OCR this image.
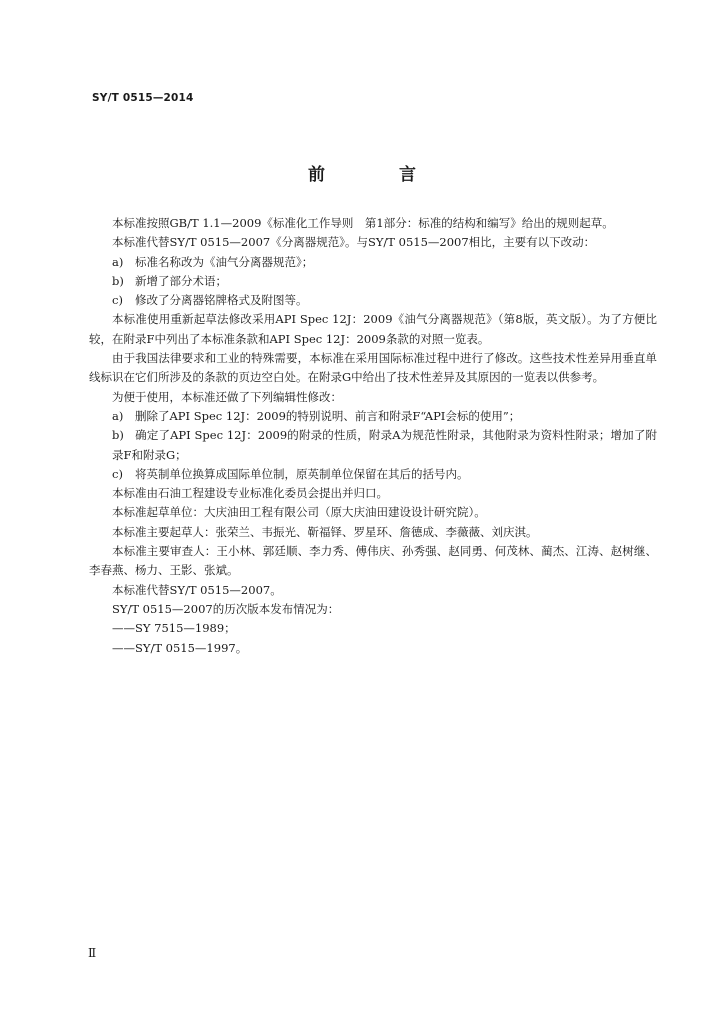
SY/T 0515—2014
前 言

本标准按照GB/T 1.1—2009《标准化工作导则　第1部分：标准的结构和编写》给出的规则起草。

本标准代替SY/T 0515—2007《分离器规范》。与SY/T 0515—2007相比，主要有以下改动：

a) 标准名称改为《油气分离器规范》；

b) 新增了部分术语；

c) 修改了分离器铭牌格式及附图等。

本标准使用重新起草法修改采用API Spec 12J：2009《油气分离器规范》（第8版，英文版）。为了方便比较，在附录F中列出了本标准条款和API Spec 12J：2009条款的对照一览表。

由于我国法律要求和工业的特殊需要，本标准在采用国际标准过程中进行了修改。这些技术性差异用垂直单线标识在它们所涉及的条款的页边空白处。在附录G中给出了技术性差异及其原因的一览表以供参考。

为便于使用，本标准还做了下列编辑性修改：

a) 删除了API Spec 12J：2009的特别说明、前言和附录F“API会标的使用”；

b) 确定了API Spec 12J：2009的附录的性质，附录A为规范性附录，其他附录为资料性附录；增加了附录F和附录G；

c) 将英制单位换算成国际单位制，原英制单位保留在其后的括号内。

本标准由石油工程建设专业标准化委员会提出并归口。

本标准起草单位：大庆油田工程有限公司（原大庆油田建设设计研究院）。

本标准主要起草人：张荣兰、韦振光、靳福铎、罗星环、詹德成、李薇薇、刘庆淇。

本标准主要审查人：王小林、郭廷顺、李力秀、傅伟庆、孙秀强、赵同勇、何茂林、蔺杰、江涛、赵树继、李春燕、杨力、王影、张斌。

本标准代替SY/T 0515—2007。

SY/T 0515—2007的历次版本发布情况为：

——SY 7515—1989；

——SY/T 0515—1997。

Ⅱ
